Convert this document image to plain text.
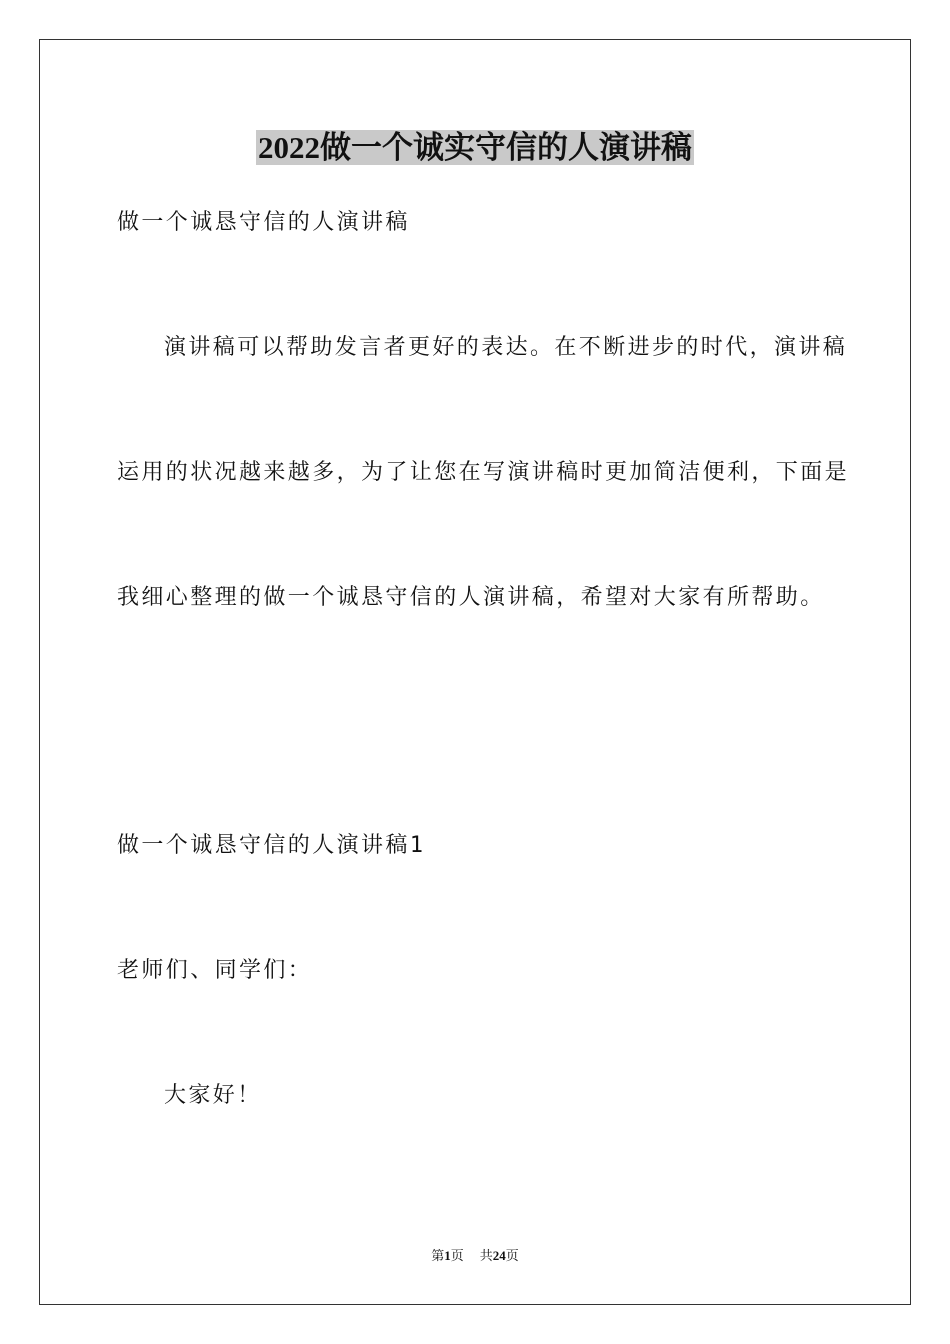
2022做一个诚实守信的人演讲稿
做一个诚恳守信的人演讲稿
演讲稿可以帮助发言者更好的表达。在不断进步的时代，演讲稿
运用的状况越来越多，为了让您在写演讲稿时更加简洁便利，下面是
我细心整理的做一个诚恳守信的人演讲稿，希望对大家有所帮助。
做一个诚恳守信的人演讲稿1
老师们、同学们：
大家好！
第1页 共24页
